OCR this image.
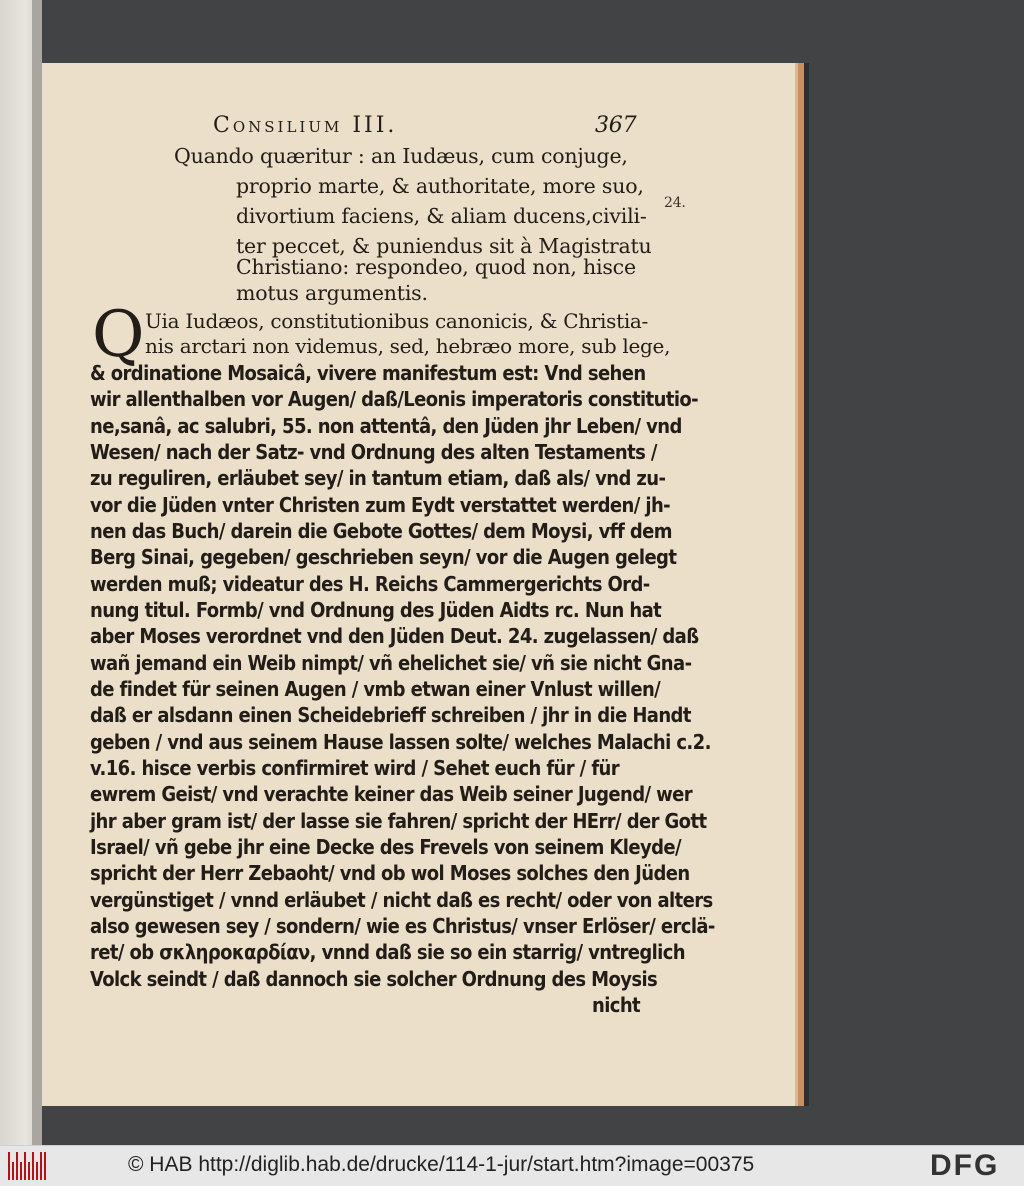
Consilium III.	367
24.
Quando quæritur : an Iudæus, cum conjuge,
proprio marte, & authoritate, more suo,
divortium faciens, & aliam ducens,civili-
ter peccet, & puniendus sit à Magistratu
Christiano: respondeo, quod non, hisce
motus argumentis.
Q Uia Iudæos, constitutionibus canonicis, & Christia-
nis arctari non videmus, sed, hebræo more, sub lege,
& ordinatione Mosaicâ, vivere manifestum est: Vnd sehen
wir allenthalben vor Augen/ daß/Leonis imperatoris constitutio-
ne,sanâ, ac salubri, 55. non attentâ, den Jüden jhr Leben/ vnd
Wesen/ nach der Satz- vnd Ordnung des alten Testaments /
zu reguliren, erläubet sey/ in tantum etiam, daß als/ vnd zu-
vor die Jüden vnter Christen zum Eydt verstattet werden/ jh-
nen das Buch/ darein die Gebote Gottes/ dem Moysi, vff dem
Berg Sinai, gegeben/ geschrieben seyn/ vor die Augen gelegt
werden muß; videatur des H. Reichs Cammergerichts Ord-
nung titul. Formb/ vnd Ordnung des Jüden Aidts rc. Nun hat
aber Moses verordnet vnd den Jüden Deut. 24. zugelassen/ daß
wañ jemand ein Weib nimpt/ vñ ehelichet sie/ vñ sie nicht Gna-
de findet für seinen Augen / vmb etwan einer Vnlust willen/
daß er alsdann einen Scheidebrieff schreiben / jhr in die Handt
geben / vnd aus seinem Hause lassen solte/ welches Malachi c.2.
v.16. hisce verbis confirmiret wird / Sehet euch für / für
ewrem Geist/ vnd verachte keiner das Weib seiner Jugend/ wer
jhr aber gram ist/ der lasse sie fahren/ spricht der HErr/ der Gott
Israel/ vñ gebe jhr eine Decke des Frevels von seinem Kleyde/
spricht der Herr Zebaoht/ vnd ob wol Moses solches den Jüden
vergünstiget / vnnd erläubet / nicht daß es recht/ oder von alters
also gewesen sey / sondern/ wie es Christus/ vnser Erlöser/ erclä-
ret/ ob σκληροκαρδίαν, vnnd daß sie so ein starrig/ vntreglich
Volck seindt / daß dannoch sie solcher Ordnung des Moysis
nicht
© HAB http://diglib.hab.de/drucke/114-1-jur/start.htm?image=00375	DFG
